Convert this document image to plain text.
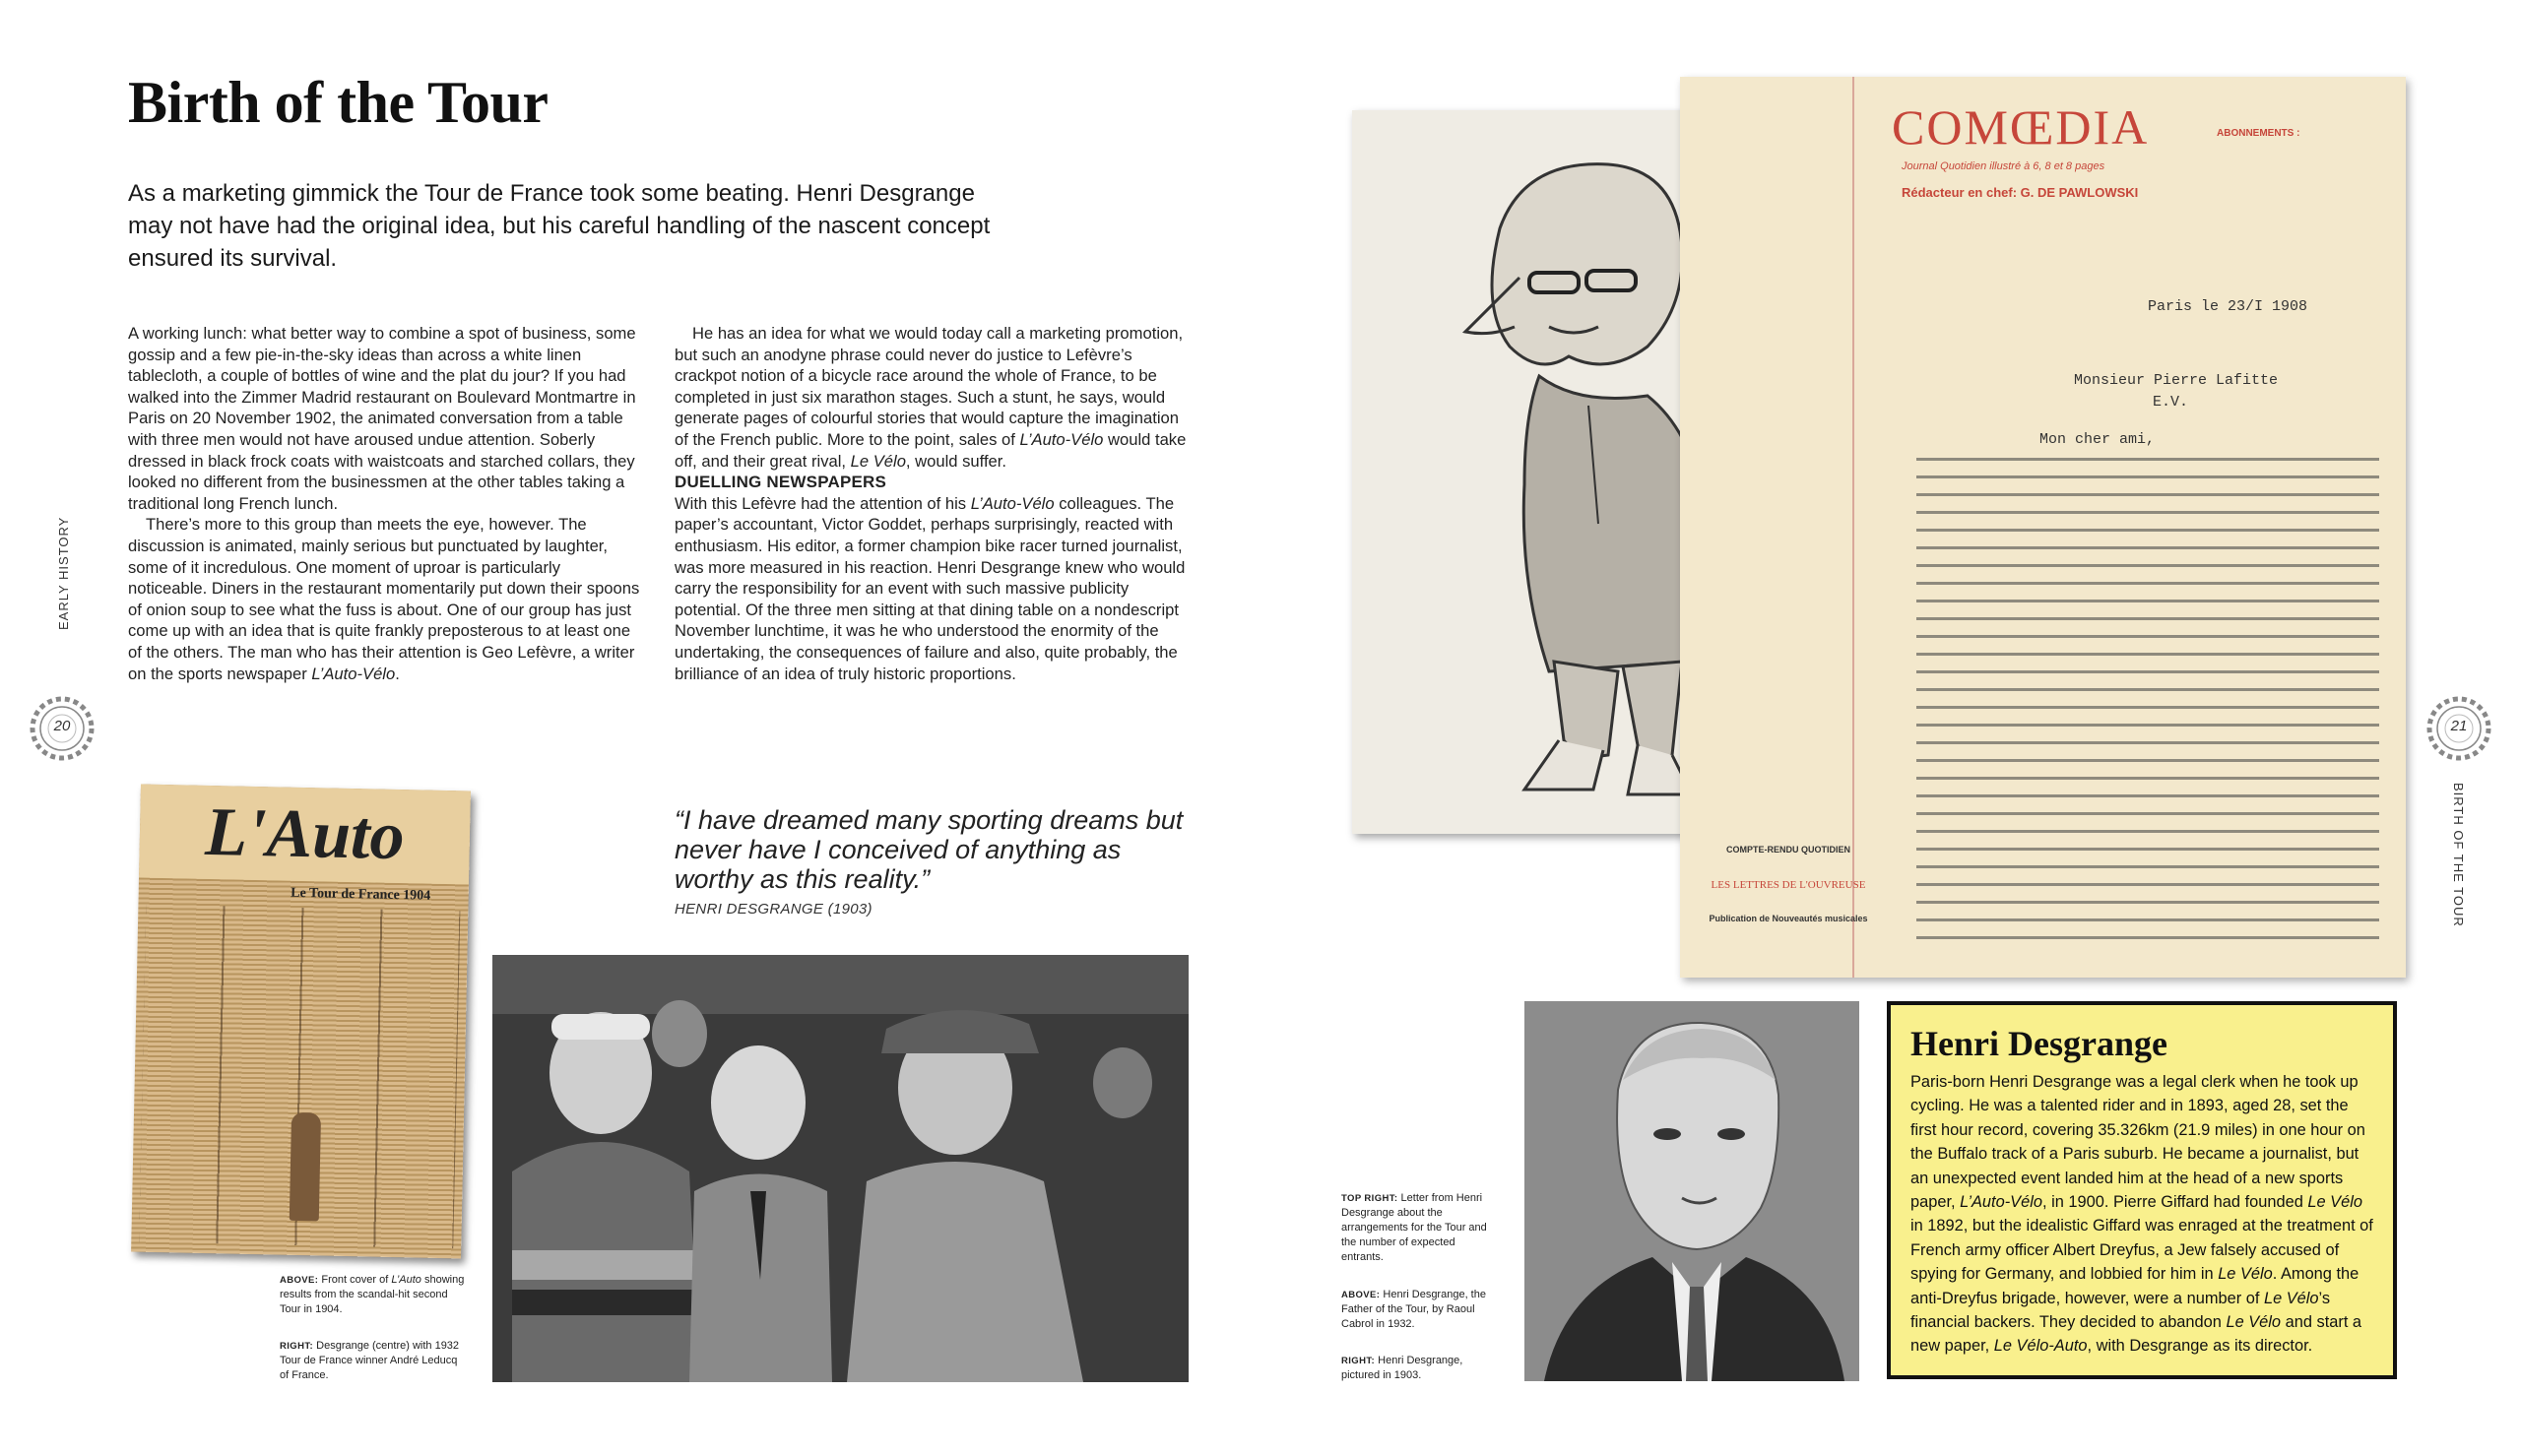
Birth of the Tour
As a marketing gimmick the Tour de France took some beating. Henri Desgrange may not have had the original idea, but his careful handling of the nascent concept ensured its survival.

A working lunch: what better way to combine a spot of business, some gossip and a few pie-in-the-sky ideas than across a white linen tablecloth, a couple of bottles of wine and the plat du jour? If you had walked into the Zimmer Madrid restaurant on Boulevard Montmartre in Paris on 20 November 1902, the animated conversation from a table with three men would not have aroused undue attention. Soberly dressed in black frock coats with waistcoats and starched collars, they looked no different from the businessmen at the other tables taking a traditional long French lunch.

There’s more to this group than meets the eye, however. The discussion is animated, mainly serious but punctuated by laughter, some of it incredulous. One moment of uproar is particularly noticeable. Diners in the restaurant momentarily put down their spoons of onion soup to see what the fuss is about. One of our group has just come up with an idea that is quite frankly preposterous to at least one of the others. The man who has their attention is Geo Lefèvre, a writer on the sports newspaper L’Auto-Vélo.

He has an idea for what we would today call a marketing promotion, but such an anodyne phrase could never do justice to Lefèvre’s crackpot notion of a bicycle race around the whole of France, to be completed in just six marathon stages. Such a stunt, he says, would generate pages of colourful stories that would capture the imagination of the French public. More to the point, sales of L’Auto-Vélo would take off, and their great rival, Le Vélo, would suffer.

DUELLING NEWSPAPERS

With this Lefèvre had the attention of his L’Auto-Vélo colleagues. The paper’s accountant, Victor Goddet, perhaps surprisingly, reacted with enthusiasm. His editor, a former champion bike racer turned journalist, was more measured in his reaction. Henri Desgrange knew who would carry the responsibility for an event with such massive publicity potential. Of the three men sitting at that dining table on a nondescript November lunchtime, it was he who understood the enormity of the undertaking, the consequences of failure and also, quite probably, the brilliance of an idea of truly historic proportions.

“I have dreamed many sporting dreams but never have I conceived of anything as worthy as this reality.”
HENRI DESGRANGE (1903)
L'Auto
Le Tour de France 1904
ABOVE: Front cover of L’Auto showing results from the scandal-hit second Tour in 1904.
RIGHT: Desgrange (centre) with 1932 Tour de France winner André Leducq of France.
EARLY HISTORY
20
COMŒDIA
Journal Quotidien illustré à 6, 8 et 8 pages
Rédacteur en chef: G. DE PAWLOWSKI
ABONNEMENTS :
Paris le 23/I 1908
Monsieur Pierre Lafitte
E.V.
Mon cher ami,
COMPTE-RENDU QUOTIDIEN
LES LETTRES DE L'OUVREUSE
Publication de Nouveautés musicales
TOP RIGHT: Letter from Henri Desgrange about the arrangements for the Tour and the number of expected entrants.
ABOVE: Henri Desgrange, the Father of the Tour, by Raoul Cabrol in 1932.
RIGHT: Henri Desgrange, pictured in 1903.
Henri Desgrange
Paris-born Henri Desgrange was a legal clerk when he took up cycling. He was a talented rider and in 1893, aged 28, set the first hour record, covering 35.326km (21.9 miles) in one hour on the Buffalo track of a Paris suburb. He became a journalist, but an unexpected event landed him at the head of a new sports paper, L’Auto-Vélo, in 1900. Pierre Giffard had founded Le Vélo in 1892, but the idealistic Giffard was enraged at the treatment of French army officer Albert Dreyfus, a Jew falsely accused of spying for Germany, and lobbied for him in Le Vélo. Among the anti-Dreyfus brigade, however, were a number of Le Vélo’s financial backers. They decided to abandon Le Vélo and start a new paper, Le Vélo-Auto, with Desgrange as its director.
21
BIRTH OF THE TOUR
